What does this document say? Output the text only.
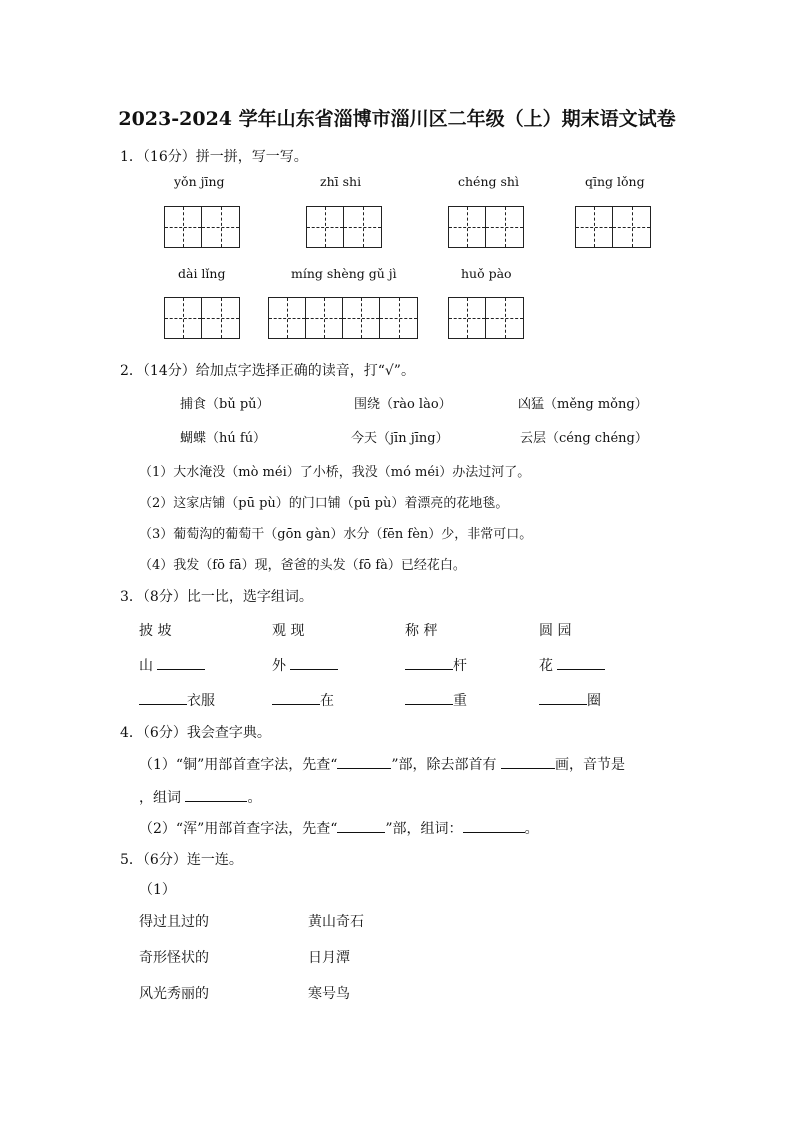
2023-2024 学年山东省淄博市淄川区二年级（上）期末语文试卷
1．（16分）拼一拼，写一写。
yǒn jīng	zhī shi	chéng shì	qīng lǒng
dài lǐng	míng shèng gǔ jì	huǒ pào
2．（14分）给加点字选择正确的读音，打“√”。
捕食（bǔ pǔ）	围绕（rào lào）	凶猛（měng mǒng）
蝴蝶（hú fú）	今天（jīn jīng）	云层（céng chéng）
（1）大水淹没（mò méi）了小桥，我没（mó méi）办法过河了。
（2）这家店铺（pū pù）的门口铺（pū pù）着漂亮的花地毯。
（3）葡萄沟的葡萄干（gōn gàn）水分（fēn fèn）少，非常可口。
（4）我发（fō fā）现，爸爸的头发（fō fà）已经花白。
3．（8分）比一比，选字组词。
披 坡	观 现	称 秤	圆 园
山	外	杆	花
衣服	在	重	圈
4．（6分）我会查字典。
（1）“铜”用部首查字法，先查“	”部，除去部首有	画，音节是
，组词	。
（2）“浑”用部首查字法，先查“	”部，组词：	。
5．（6分）连一连。
（1）
得过且过的	黄山奇石
奇形怪状的	日月潭
风光秀丽的	寒号鸟
